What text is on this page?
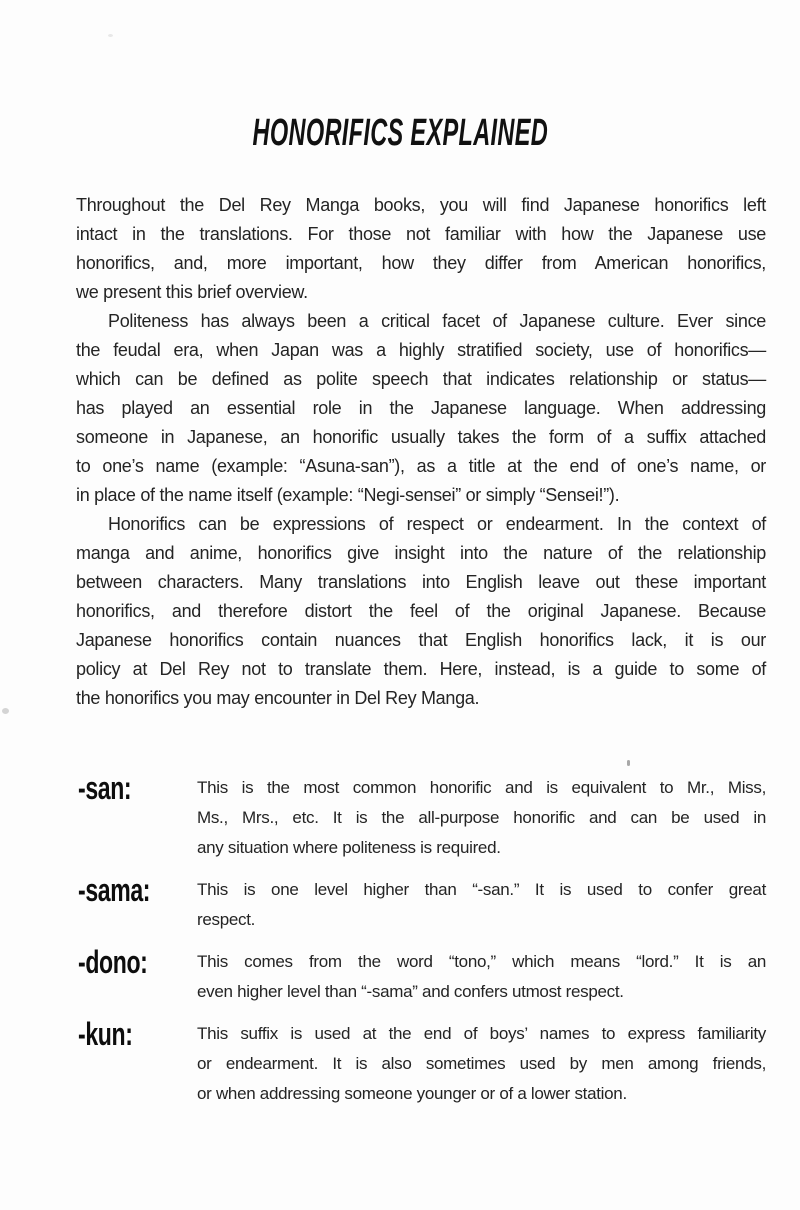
HONORIFICS EXPLAINED
Throughout the Del Rey Manga books, you will find Japanese honorifics left
intact in the translations. For those not familiar with how the Japanese use
honorifics, and, more important, how they differ from American honorifics,
we present this brief overview.
Politeness has always been a critical facet of Japanese culture. Ever since
the feudal era, when Japan was a highly stratified society, use of honorifics—
which can be defined as polite speech that indicates relationship or status—
has played an essential role in the Japanese language. When addressing
someone in Japanese, an honorific usually takes the form of a suffix attached
to one’s name (example: “Asuna-san”), as a title at the end of one’s name, or
in place of the name itself (example: “Negi-sensei” or simply “Sensei!”).
Honorifics can be expressions of respect or endearment. In the context of
manga and anime, honorifics give insight into the nature of the relationship
between characters. Many translations into English leave out these important
honorifics, and therefore distort the feel of the original Japanese. Because
Japanese honorifics contain nuances that English honorifics lack, it is our
policy at Del Rey not to translate them. Here, instead, is a guide to some of
the honorifics you may encounter in Del Rey Manga.
-san:	This is the most common honorific and is equivalent to Mr., Miss,
Ms., Mrs., etc. It is the all-purpose honorific and can be used in
any situation where politeness is required.
-sama:	This is one level higher than “-san.” It is used to confer great
respect.
-dono:	This comes from the word “tono,” which means “lord.” It is an
even higher level than “-sama” and confers utmost respect.
-kun:	This suffix is used at the end of boys’ names to express familiarity
or endearment. It is also sometimes used by men among friends,
or when addressing someone younger or of a lower station.
